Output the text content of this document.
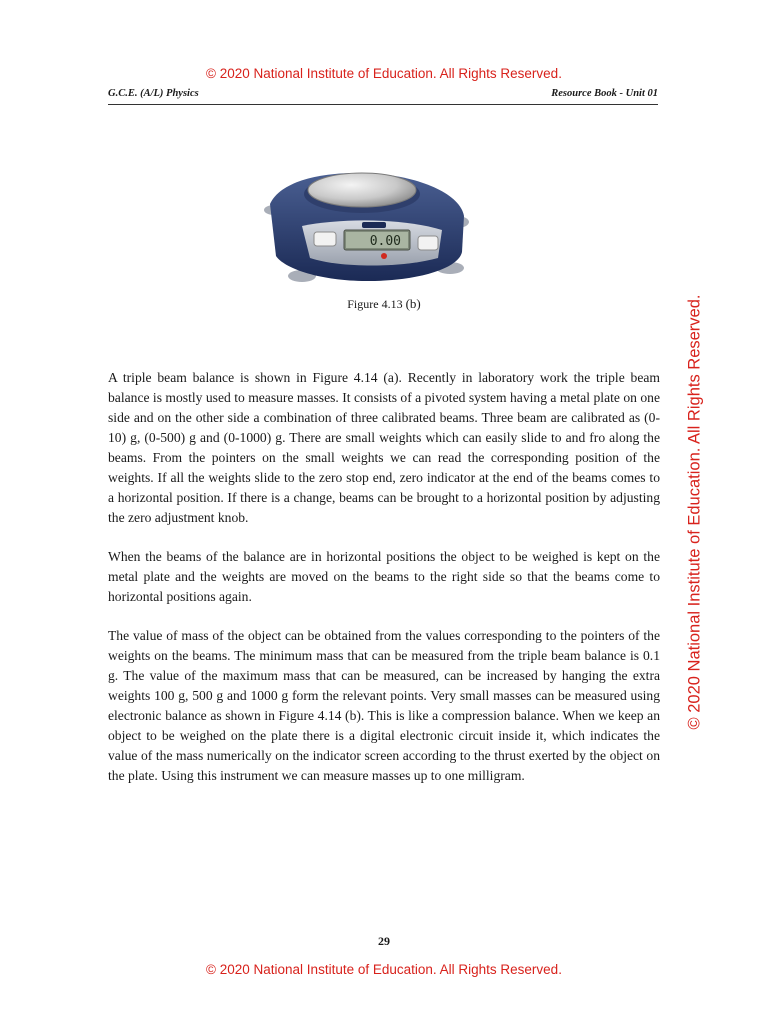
© 2020 National Institute of Education. All Rights Reserved.
G.C.E. (A/L) Physics	Resource Book - Unit 01
0.00
Figure 4.13 (b)

A triple beam balance is shown in Figure 4.14 (a). Recently in laboratory work the triple beam balance is mostly used to measure masses. It consists of a pivoted system having a metal plate on one side and on the other side a combination of three calibrated beams. Three beam are calibrated as (0-10) g, (0-500) g and (0-1000) g. There are small weights which can easily slide to and fro along the beams. From the pointers on the small weights we can read the corresponding position of the weights. If all the weights slide to the zero stop end, zero indicator at the end of the beams comes to a horizontal position. If there is a change, beams can be brought to a horizontal position by adjusting the zero adjustment knob.

When the beams of the balance are in horizontal positions the object to be weighed is kept on the metal plate and the weights are moved on the beams to the right side so that the beams come to horizontal positions again.

The value of mass of the object can be obtained from the values corresponding to the pointers of the weights on the beams. The minimum mass that can be measured from the triple beam balance is 0.1 g. The value of the maximum mass that can be measured, can be increased by hanging the extra weights 100 g, 500 g and 1000 g form the relevant points. Very small masses can be measured using electronic balance as shown in Figure 4.14 (b). This is like a compression balance. When we keep an object to be weighed on the plate there is a digital electronic circuit inside it, which indicates the value of the mass numerically on the indicator screen according to the thrust exerted by the object on the plate. Using this instrument we can measure masses up to one milligram.

29
© 2020 National Institute of Education. All Rights Reserved.
© 2020 National Institute of Education. All Rights Reserved.
